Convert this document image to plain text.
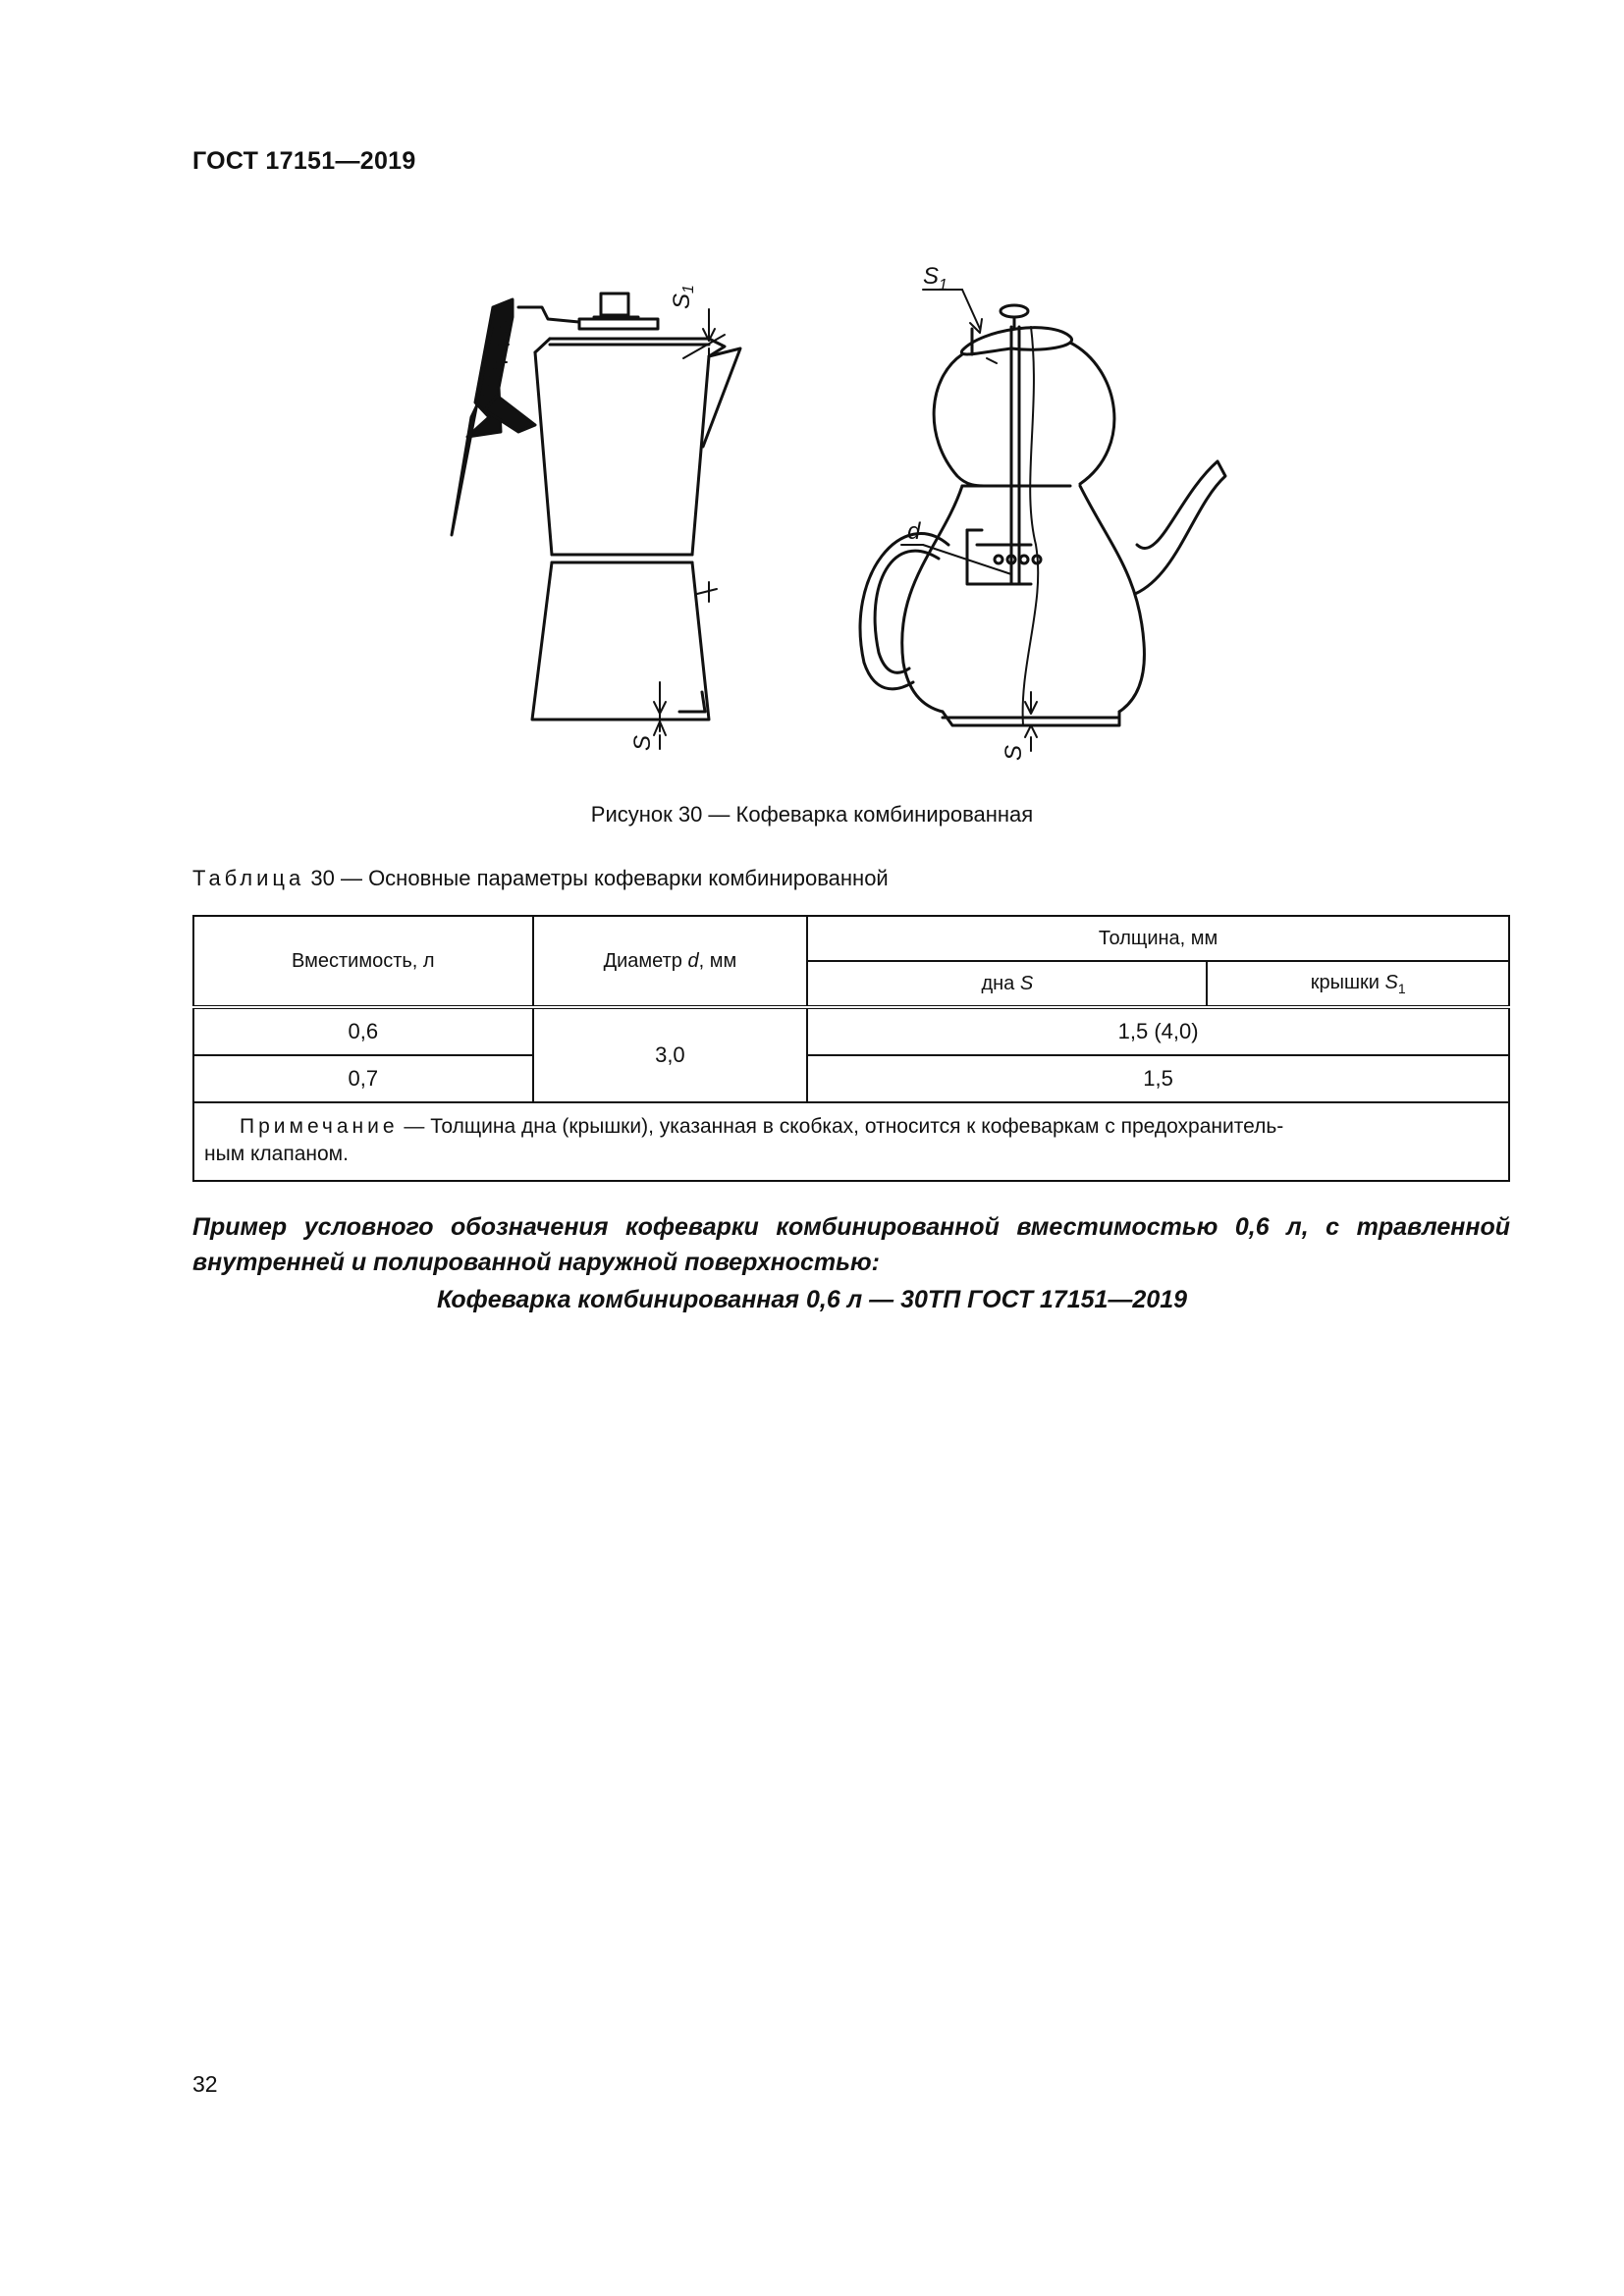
ГОСТ 17151—2019
S1
S
$S_1$
d
S
Рисунок 30 — Кофеварка комбинированная
Таблица 30 — Основные параметры кофеварки комбинированной
Вместимость, л	Диаметр d, мм	Толщина, мм	
		дна S	крышки $S_1$
0,6	3,0	1,5 (4,0)	
0,7		1,5	

Примечание — Толщина дна (крышки), указанная в скобках, относится к кофеваркам с предохранитель-
ным клапаном.			
Пример условного обозначения кофеварки комбинированной вместимостью 0,6 л, с травленной внутренней и полированной наружной поверхностью:
Кофеварка комбинированная 0,6 л — 30ТП ГОСТ 17151—2019
32
